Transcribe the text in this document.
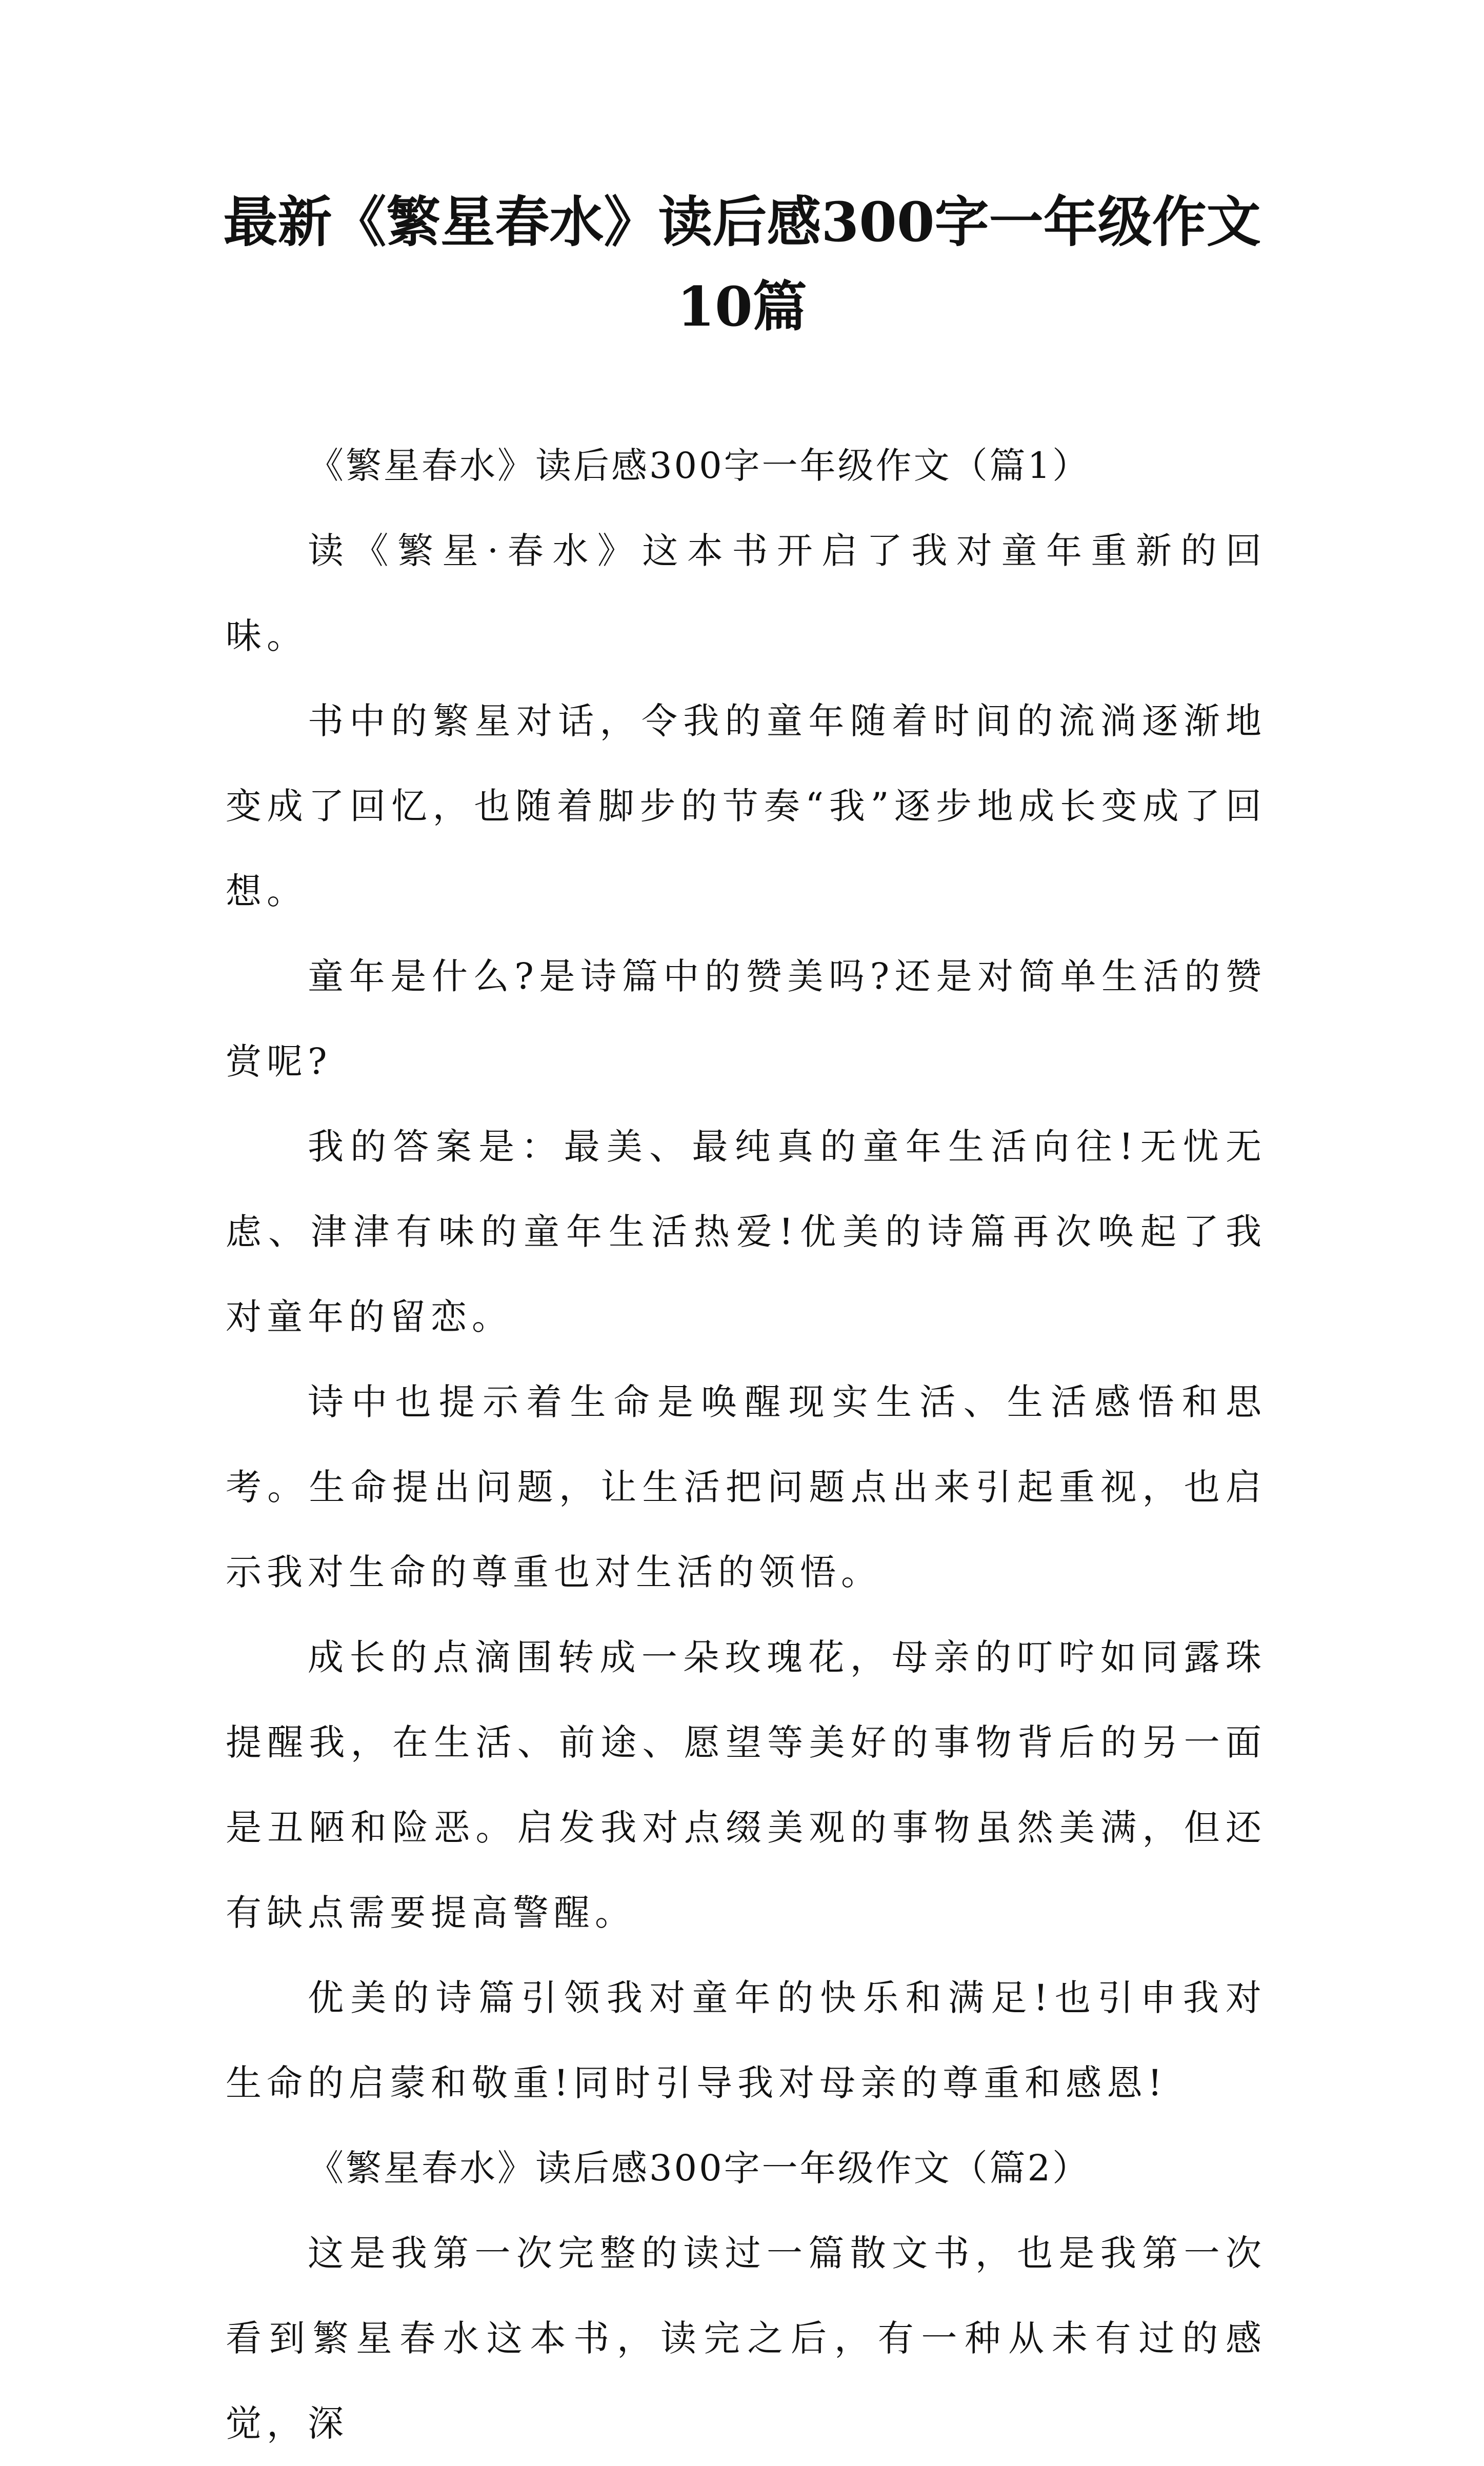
最新《繁星春水》读后感300字一年级作文
10篇

《繁星春水》读后感300字一年级作文（篇1）

读《繁星·春水》这本书开启了我对童年重新的回味。

书中的繁星对话，令我的童年随着时间的流淌逐渐地变成了回忆，也随着脚步的节奏“我”逐步地成长变成了回想。

童年是什么?是诗篇中的赞美吗?还是对简单生活的赞赏呢?

我的答案是：最美、最纯真的童年生活向往!无忧无虑、津津有味的童年生活热爱!优美的诗篇再次唤起了我对童年的留恋。

诗中也提示着生命是唤醒现实生活、生活感悟和思考。生命提出问题，让生活把问题点出来引起重视，也启示我对生命的尊重也对生活的领悟。

成长的点滴围转成一朵玫瑰花，母亲的叮咛如同露珠提醒我，在生活、前途、愿望等美好的事物背后的另一面是丑陋和险恶。启发我对点缀美观的事物虽然美满，但还有缺点需要提高警醒。

优美的诗篇引领我对童年的快乐和满足!也引申我对生命的启蒙和敬重!同时引导我对母亲的尊重和感恩!

《繁星春水》读后感300字一年级作文（篇2）

这是我第一次完整的读过一篇散文书，也是我第一次看到繁星春水这本书，读完之后，有一种从未有过的感觉，深
